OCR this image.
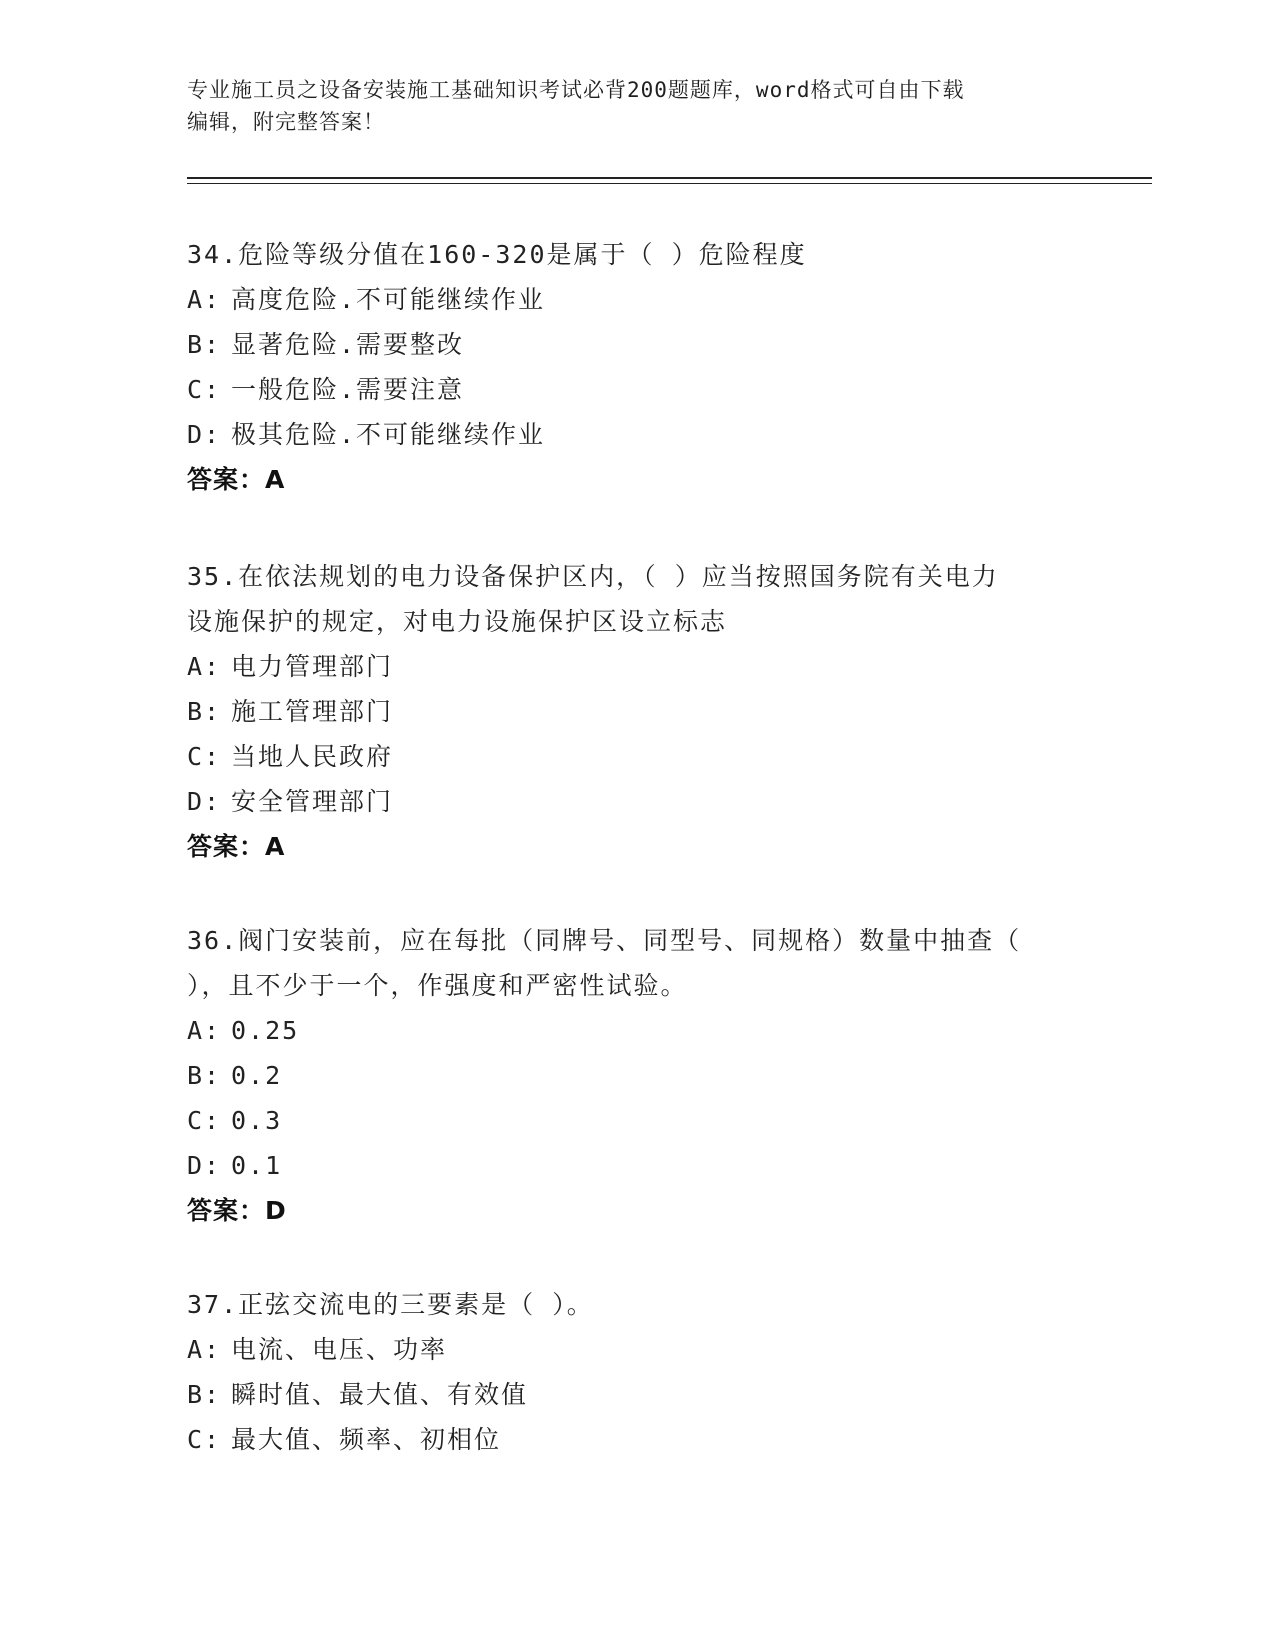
专业施工员之设备安装施工基础知识考试必背200题题库，word格式可自由下载
编辑，附完整答案！
34.危险等级分值在160-320是属于（ ）危险程度
A: 高度危险.不可能继续作业
B: 显著危险.需要整改
C: 一般危险.需要注意
D: 极其危险.不可能继续作业
答案：A
35.在依法规划的电力设备保护区内，（ ）应当按照国务院有关电力
设施保护的规定，对电力设施保护区设立标志
A: 电力管理部门
B: 施工管理部门
C: 当地人民政府
D: 安全管理部门
答案：A
36.阀门安装前，应在每批（同牌号、同型号、同规格）数量中抽查（
），且不少于一个，作强度和严密性试验。
A: 0.25
B: 0.2
C: 0.3
D: 0.1
答案：D
37.正弦交流电的三要素是（ ）。
A: 电流、电压、功率
B: 瞬时值、最大值、有效值
C: 最大值、频率、初相位
